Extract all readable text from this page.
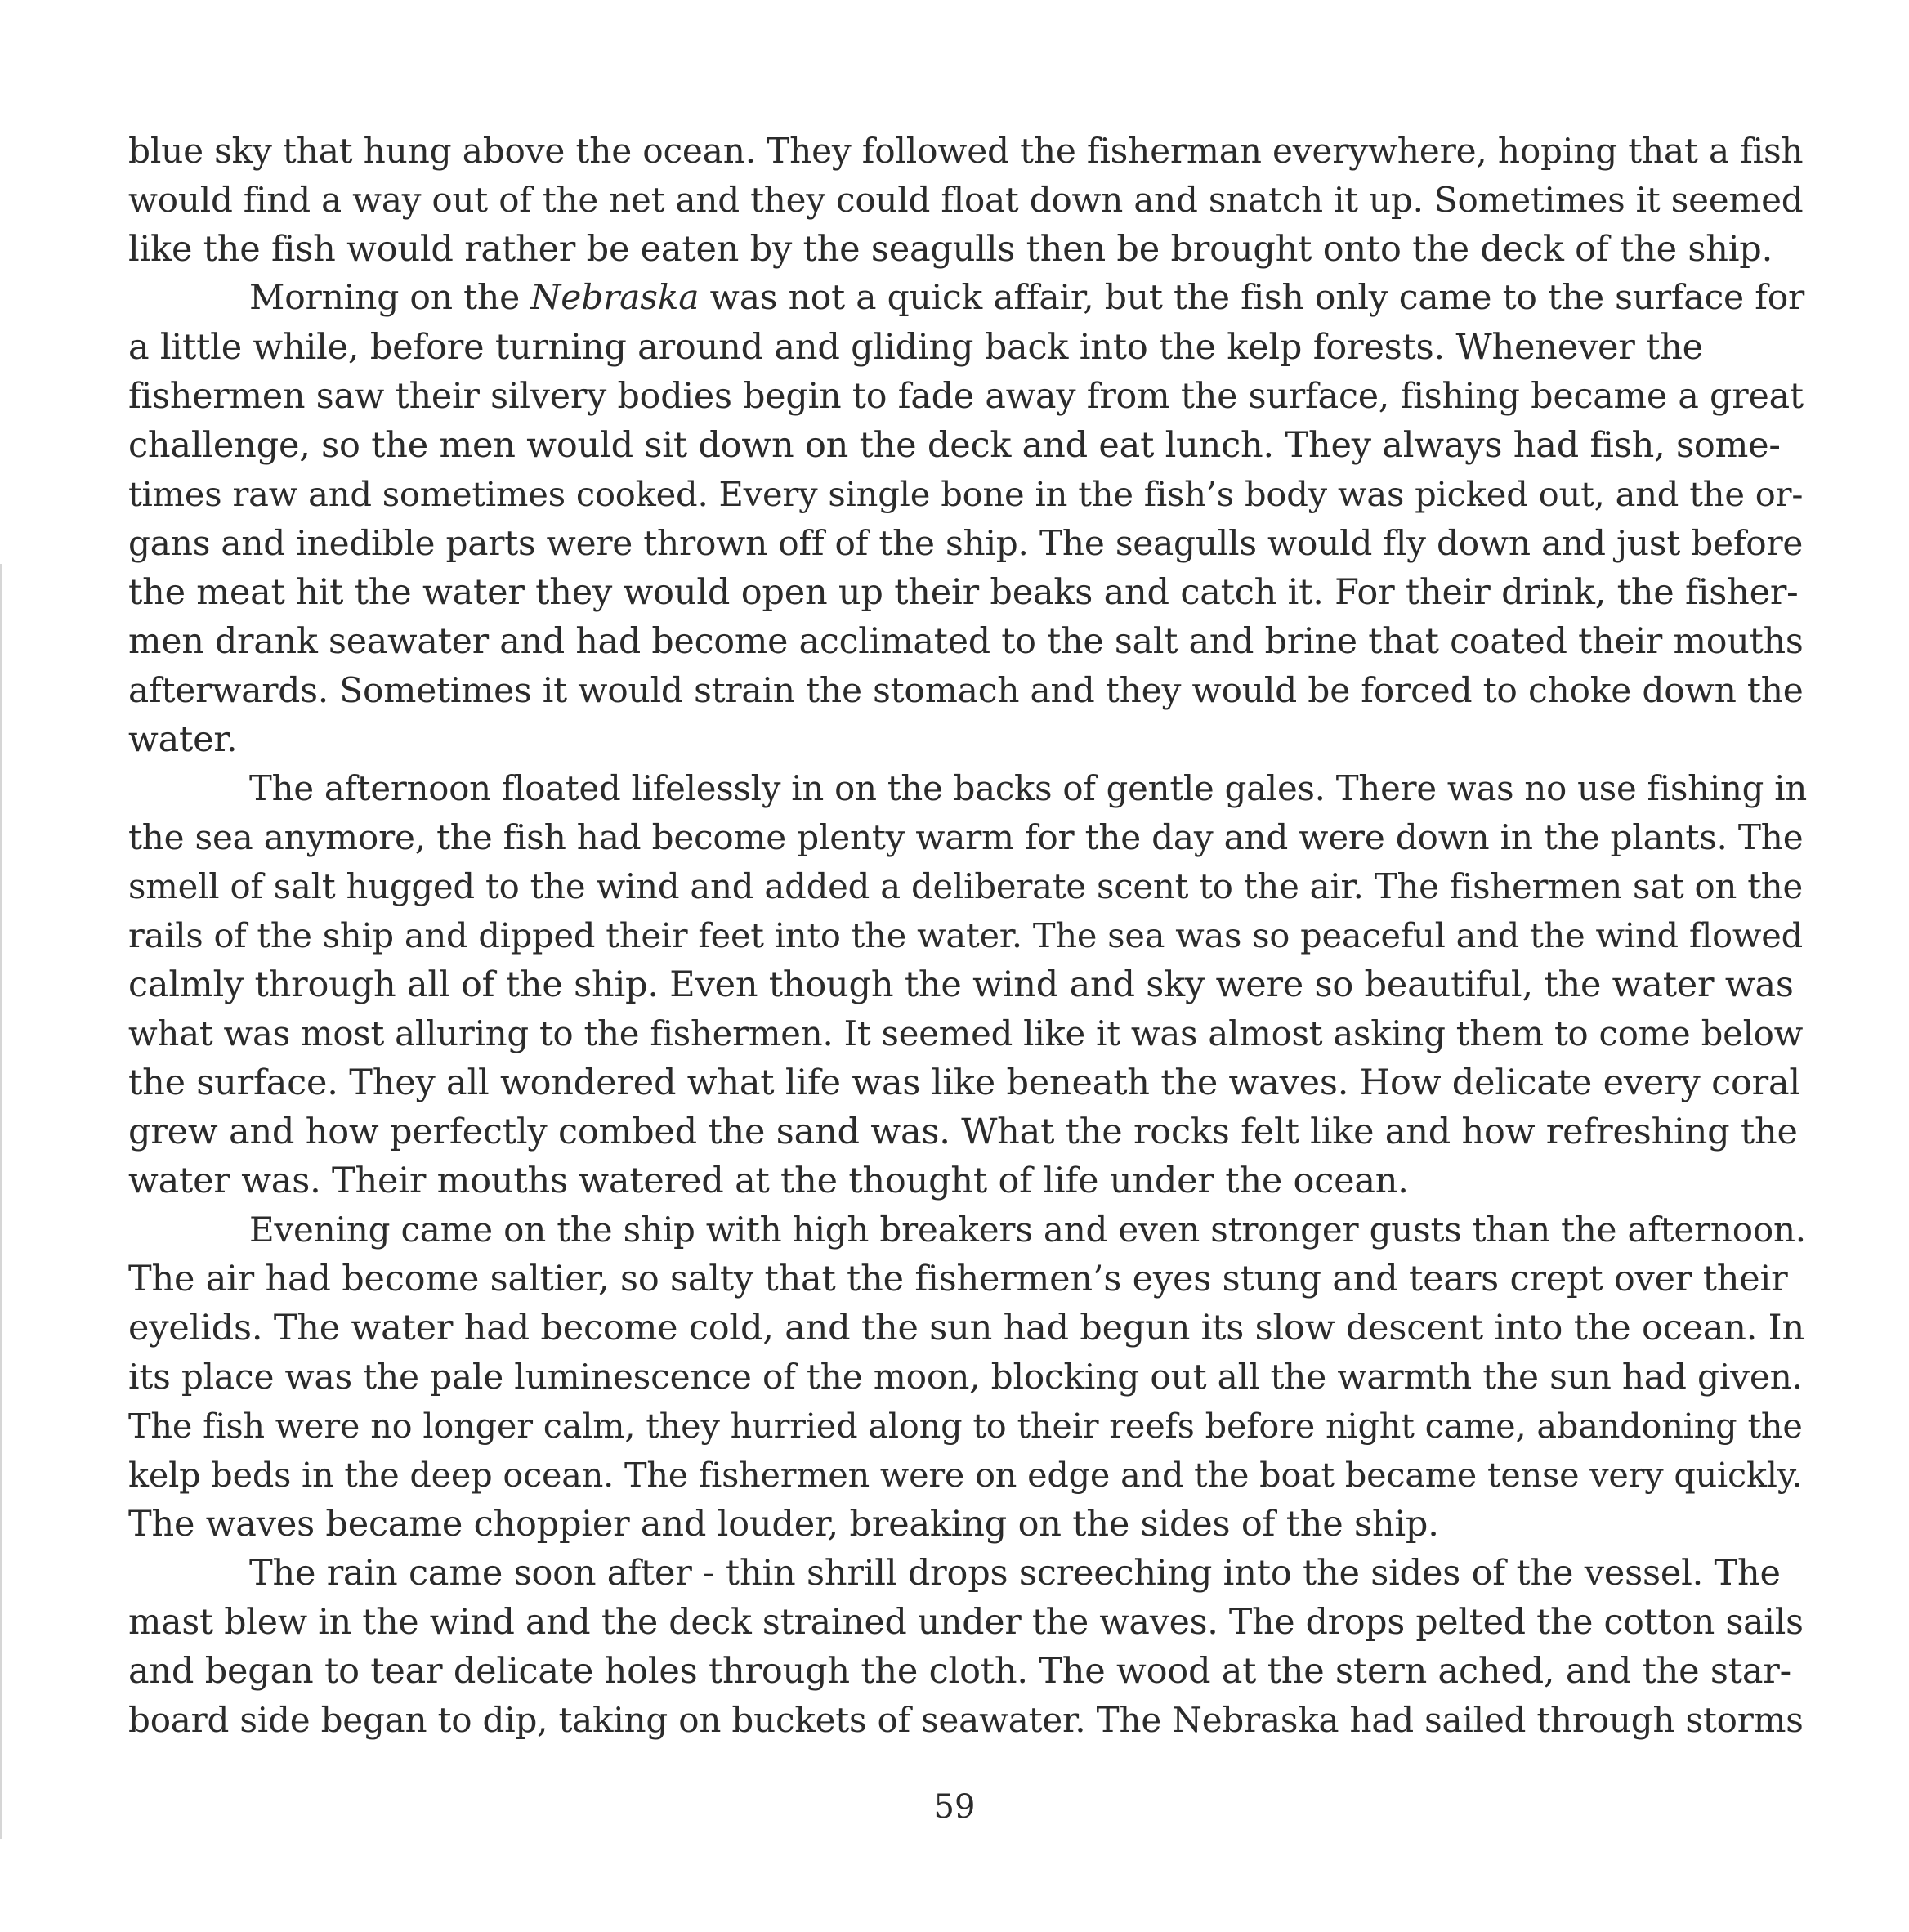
blue sky that hung above the ocean. They followed the fisherman everywhere, hoping that a fish
would find a way out of the net and they could float down and snatch it up. Sometimes it seemed
like the fish would rather be eaten by the seagulls then be brought onto the deck of the ship.
Morning on the Nebraska was not a quick affair, but the fish only came to the surface for
a little while, before turning around and gliding back into the kelp forests. Whenever the
fishermen saw their silvery bodies begin to fade away from the surface, fishing became a great
challenge, so the men would sit down on the deck and eat lunch. They always had fish, some-
times raw and sometimes cooked. Every single bone in the fish’s body was picked out, and the or-
gans and inedible parts were thrown off of the ship. The seagulls would fly down and just before
the meat hit the water they would open up their beaks and catch it. For their drink, the fisher-
men drank seawater and had become acclimated to the salt and brine that coated their mouths
afterwards. Sometimes it would strain the stomach and they would be forced to choke down the
water.
The afternoon floated lifelessly in on the backs of gentle gales. There was no use fishing in
the sea anymore, the fish had become plenty warm for the day and were down in the plants. The
smell of salt hugged to the wind and added a deliberate scent to the air. The fishermen sat on the
rails of the ship and dipped their feet into the water. The sea was so peaceful and the wind flowed
calmly through all of the ship. Even though the wind and sky were so beautiful, the water was
what was most alluring to the fishermen. It seemed like it was almost asking them to come below
the surface. They all wondered what life was like beneath the waves. How delicate every coral
grew and how perfectly combed the sand was. What the rocks felt like and how refreshing the
water was. Their mouths watered at the thought of life under the ocean.
Evening came on the ship with high breakers and even stronger gusts than the afternoon.
The air had become saltier, so salty that the fishermen’s eyes stung and tears crept over their
eyelids. The water had become cold, and the sun had begun its slow descent into the ocean. In
its place was the pale luminescence of the moon, blocking out all the warmth the sun had given.
The fish were no longer calm, they hurried along to their reefs before night came, abandoning the
kelp beds in the deep ocean. The fishermen were on edge and the boat became tense very quickly.
The waves became choppier and louder, breaking on the sides of the ship.
The rain came soon after - thin shrill drops screeching into the sides of the vessel. The
mast blew in the wind and the deck strained under the waves. The drops pelted the cotton sails
and began to tear delicate holes through the cloth. The wood at the stern ached, and the star-
board side began to dip, taking on buckets of seawater. The Nebraska had sailed through storms
59
